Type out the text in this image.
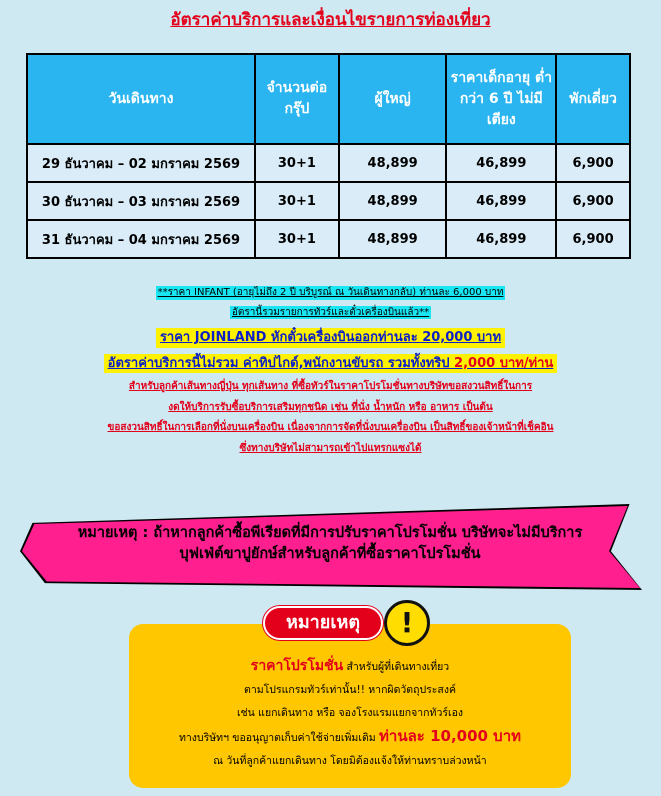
อัตราค่าบริการและเงื่อนไขรายการท่องเที่ยว
วันเดินทาง	จำนวนต่อ กรุ๊ป	ผู้ใหญ่	ราคาเด็กอายุ ต่ำกว่า 6 ปี ไม่มีเตียง	พักเดี่ยว
29 ธันวาคม – 02 มกราคม 2569	30+1	48,899	46,899	6,900
30 ธันวาคม – 03 มกราคม 2569	30+1	48,899	46,899	6,900
31 ธันวาคม – 04 มกราคม 2569	30+1	48,899	46,899	6,900
**ราคา INFANT (อายุไม่ถึง 2 ปี บริบูรณ์ ณ วันเดินทางกลับ) ท่านละ 6,000 บาท
อัตรานี้รวมรายการทัวร์และตั๋วเครื่องบินแล้ว**
ราคา JOINLAND หักตั๋วเครื่องบินออกท่านละ 20,000 บาท
อัตราค่าบริการนี้ไม่รวม ค่าทิปไกด์,พนักงานขับรถ รวมทั้งทริป 2,000 บาท/ท่าน
สำหรับลูกค้าเส้นทางญี่ปุ่น ทุกเส้นทาง ที่ซื้อทัวร์ในราคาโปรโมชั่นทางบริษัทขอสงวนสิทธิ์ในการ
งดให้บริการรับซื้อบริการเสริมทุกชนิด เช่น ที่นั่ง น้ำหนัก หรือ อาหาร เป็นต้น
ขอสงวนสิทธิ์ในการเลือกที่นั่งบนเครื่องบิน เนื่องจากการจัดที่นั่งบนเครื่องบิน เป็นสิทธิ์ของเจ้าหน้าที่เช็คอิน
ซึ่งทางบริษัทไม่สามารถเข้าไปแทรกแซงได้
หมายเหตุ : ถ้าหากลูกค้าซื้อพีเรียดที่มีการปรับราคาโปรโมชั่น บริษัทจะไม่มีบริการ
บุฟเฟ่ต์ขาปูยักษ์สำหรับลูกค้าที่ซื้อราคาโปรโมชั่น
หมายเหตุ	!
ราคาโปรโมชั่น สำหรับผู้ที่เดินทางเที่ยว
ตามโปรแกรมทัวร์เท่านั้น!! หากผิดวัตถุประสงค์
เช่น แยกเดินทาง หรือ จองโรงแรมแยกจากทัวร์เอง
ทางบริษัทฯ ขออนุญาตเก็บค่าใช้จ่ายเพิ่มเติม ท่านละ 10,000 บาท
ณ วันที่ลูกค้าแยกเดินทาง โดยมิต้องแจ้งให้ท่านทราบล่วงหน้า
